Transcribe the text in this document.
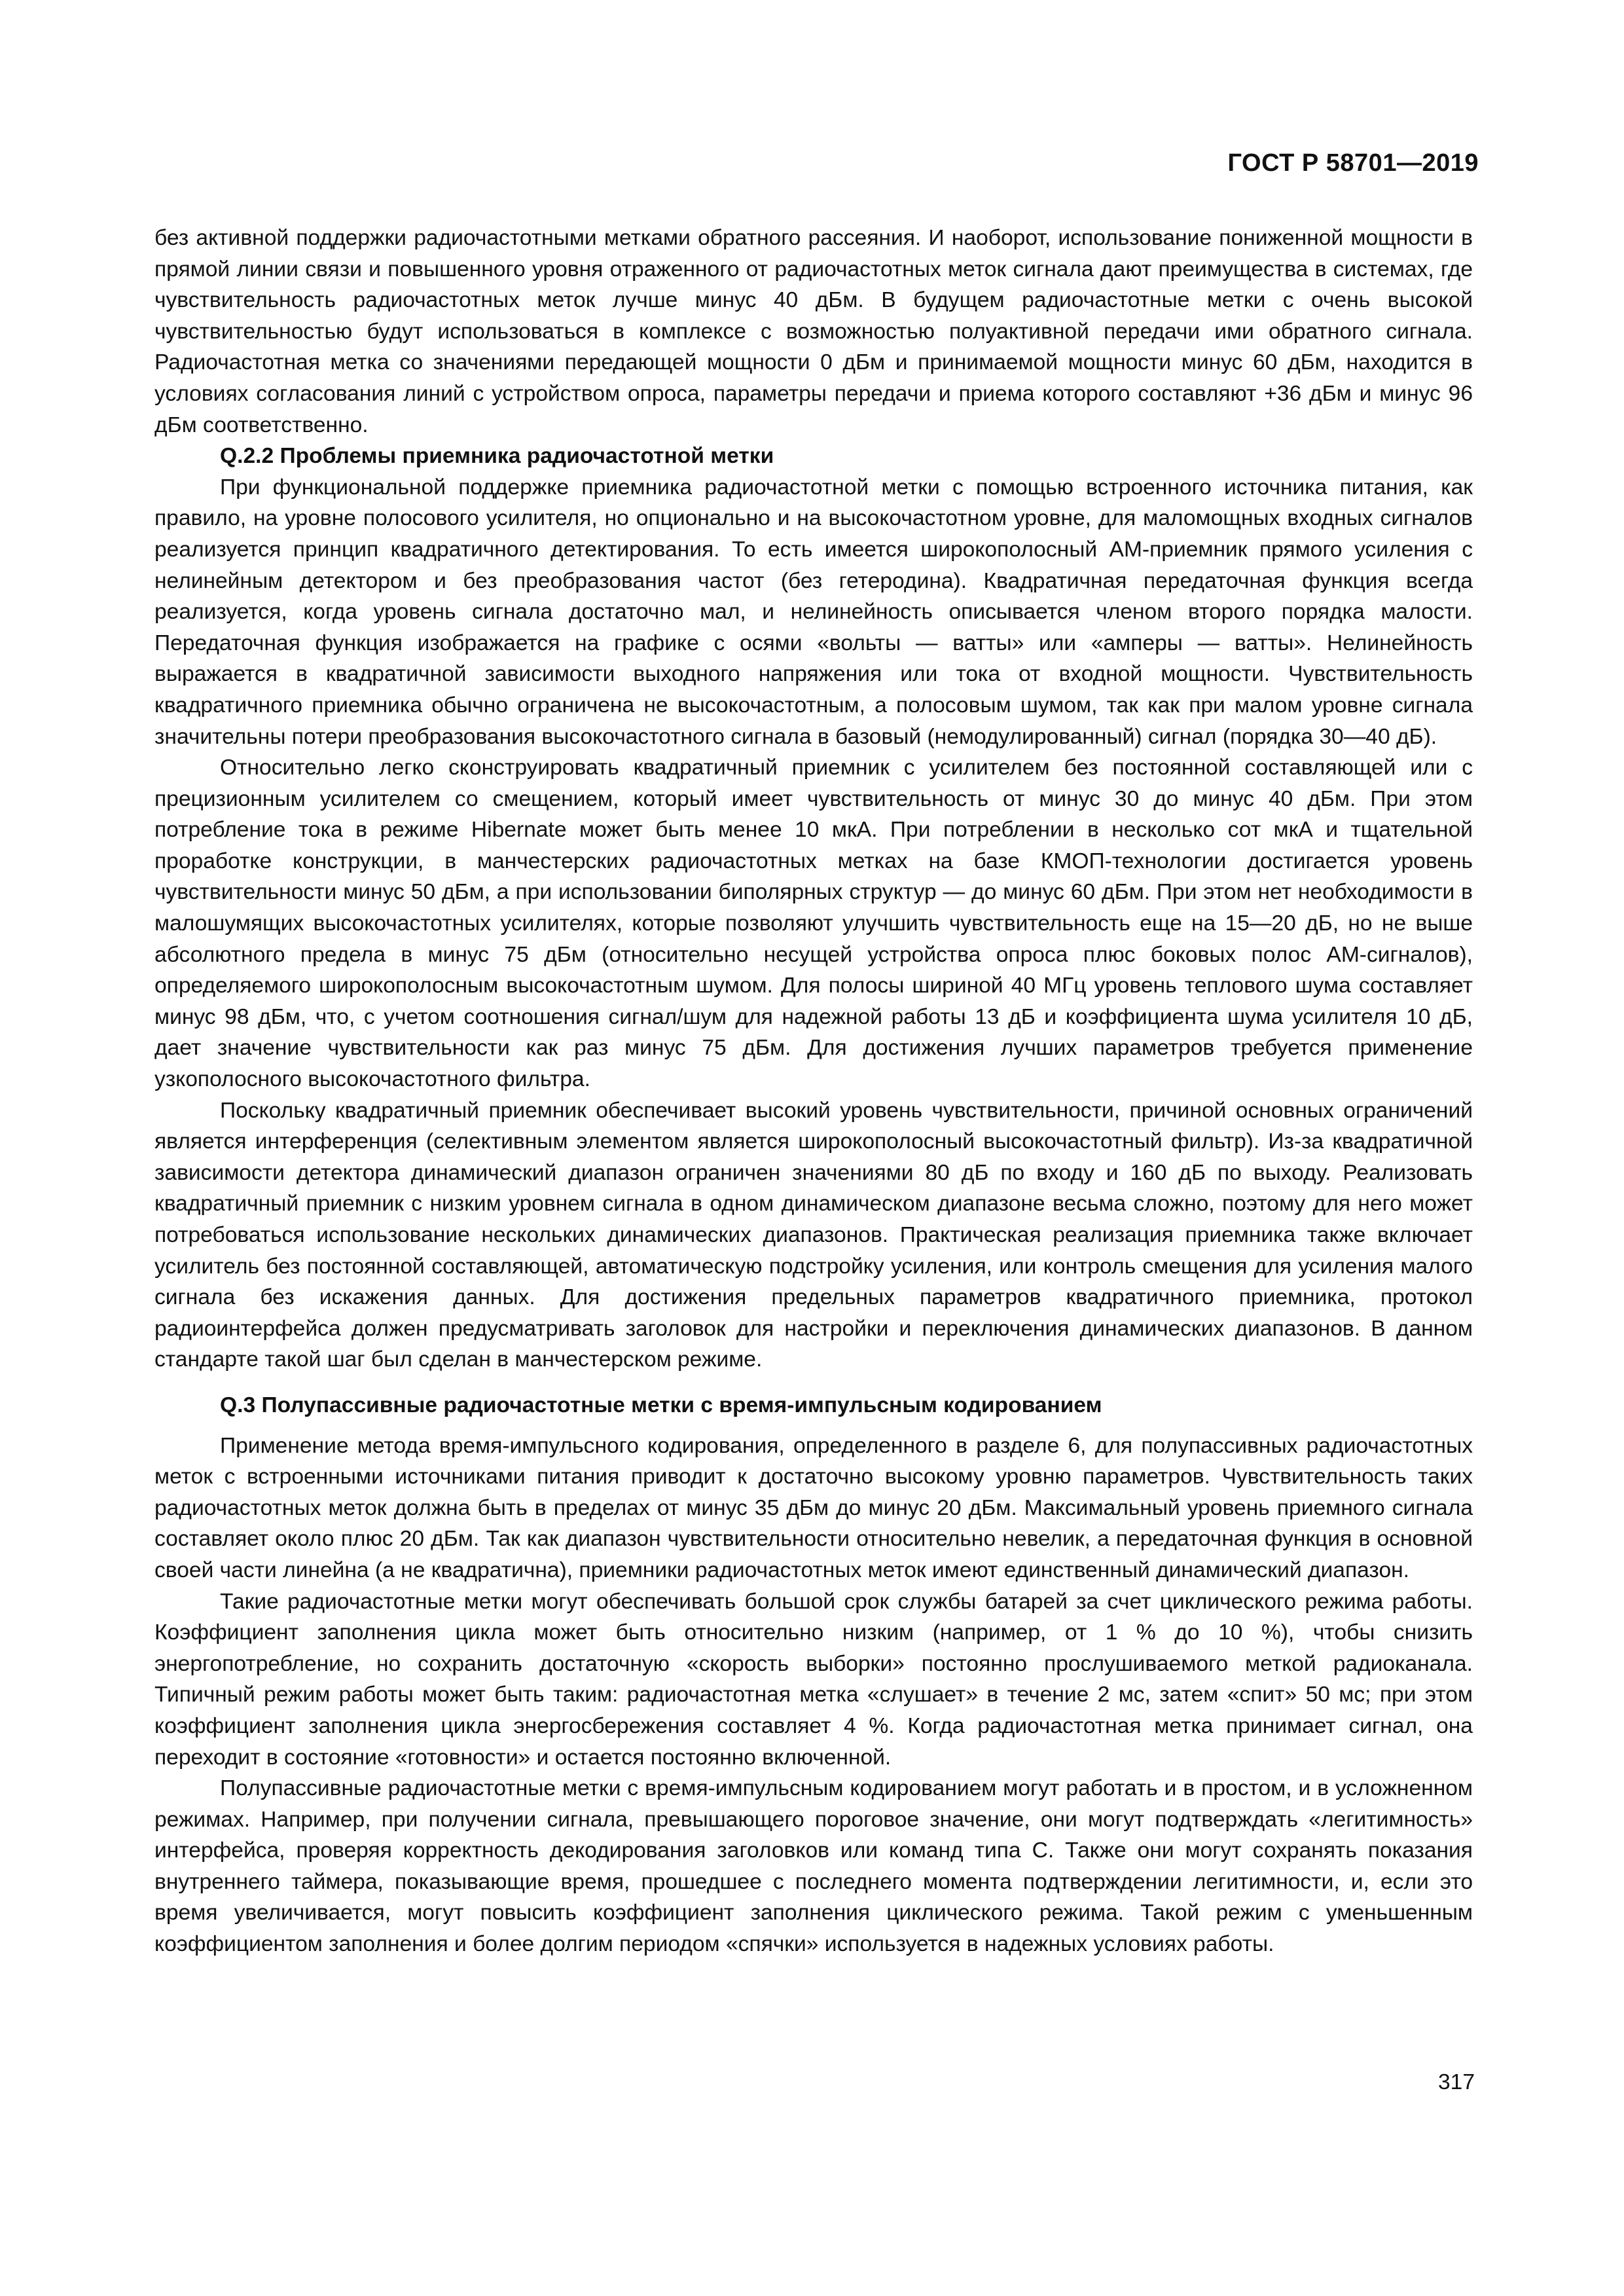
ГОСТ Р 58701—2019

без активной поддержки радиочастотными метками обратного рассеяния. И наоборот, использование пониженной мощности в прямой линии связи и повышенного уровня отраженного от радиочастотных меток сигнала дают преимущества в системах, где чувствительность радиочастотных меток лучше минус 40 дБм. В будущем радиочастотные метки с очень высокой чувствительностью будут использоваться в комплексе с возможностью полуактивной передачи ими обратного сигнала. Радиочастотная метка со значениями передающей мощности 0 дБм и принимаемой мощности минус 60 дБм, находится в условиях согласования линий с устройством опроса, параметры передачи и приема которого составляют +36 дБм и минус 96 дБм соответственно.

Q.2.2 Проблемы приемника радиочастотной метки

При функциональной поддержке приемника радиочастотной метки с помощью встроенного источника питания, как правило, на уровне полосового усилителя, но опционально и на высокочастотном уровне, для маломощных входных сигналов реализуется принцип квадратичного детектирования. То есть имеется широкополосный АМ-приемник прямого усиления с нелинейным детектором и без преобразования частот (без гетеродина). Квадратичная передаточная функция всегда реализуется, когда уровень сигнала достаточно мал, и нелинейность описывается членом второго порядка малости. Передаточная функция изображается на графике с осями «вольты — ватты» или «амперы — ватты». Нелинейность выражается в квадратичной зависимости выходного напряжения или тока от входной мощности. Чувствительность квадратичного приемника обычно ограничена не высокочастотным, а полосовым шумом, так как при малом уровне сигнала значительны потери преобразования высокочастотного сигнала в базовый (немодулированный) сигнал (порядка 30—40 дБ).

Относительно легко сконструировать квадратичный приемник с усилителем без постоянной составляющей или с прецизионным усилителем со смещением, который имеет чувствительность от минус 30 до минус 40 дБм. При этом потребление тока в режиме Hibernate может быть менее 10 мкА. При потреблении в несколько сот мкА и тщательной проработке конструкции, в манчестерских радиочастотных метках на базе КМОП-технологии достигается уровень чувствительности минус 50 дБм, а при использовании биполярных структур — до минус 60 дБм. При этом нет необходимости в малошумящих высокочастотных усилителях, которые позволяют улучшить чувствительность еще на 15—20 дБ, но не выше абсолютного предела в минус 75 дБм (относительно несущей устройства опроса плюс боковых полос АМ-сигналов), определяемого широкополосным высокочастотным шумом. Для полосы шириной 40 МГц уровень теплового шума составляет минус 98 дБм, что, с учетом соотношения сигнал/шум для надежной работы 13 дБ и коэффициента шума усилителя 10 дБ, дает значение чувствительности как раз минус 75 дБм. Для достижения лучших параметров требуется применение узкополосного высокочастотного фильтра.

Поскольку квадратичный приемник обеспечивает высокий уровень чувствительности, причиной основных ограничений является интерференция (селективным элементом является широкополосный высокочастотный фильтр). Из-за квадратичной зависимости детектора динамический диапазон ограничен значениями 80 дБ по входу и 160 дБ по выходу. Реализовать квадратичный приемник с низким уровнем сигнала в одном динамическом диапазоне весьма сложно, поэтому для него может потребоваться использование нескольких динамических диапазонов. Практическая реализация приемника также включает усилитель без постоянной составляющей, автоматическую подстройку усиления, или контроль смещения для усиления малого сигнала без искажения данных. Для достижения предельных параметров квадратичного приемника, протокол радиоинтерфейса должен предусматривать заголовок для настройки и переключения динамических диапазонов. В данном стандарте такой шаг был сделан в манчестерском режиме.

Q.3 Полупассивные радиочастотные метки с время-импульсным кодированием

Применение метода время-импульсного кодирования, определенного в разделе 6, для полупассивных радиочастотных меток с встроенными источниками питания приводит к достаточно высокому уровню параметров. Чувствительность таких радиочастотных меток должна быть в пределах от минус 35 дБм до минус 20 дБм. Максимальный уровень приемного сигнала составляет около плюс 20 дБм. Так как диапазон чувствительности относительно невелик, а передаточная функция в основной своей части линейна (а не квадратична), приемники радиочастотных меток имеют единственный динамический диапазон.

Такие радиочастотные метки могут обеспечивать большой срок службы батарей за счет циклического режима работы. Коэффициент заполнения цикла может быть относительно низким (например, от 1 % до 10 %), чтобы снизить энергопотребление, но сохранить достаточную «скорость выборки» постоянно прослушиваемого меткой радиоканала. Типичный режим работы может быть таким: радиочастотная метка «слушает» в течение 2 мс, затем «спит» 50 мс; при этом коэффициент заполнения цикла энергосбережения составляет 4 %. Когда радиочастотная метка принимает сигнал, она переходит в состояние «готовности» и остается постоянно включенной.

Полупассивные радиочастотные метки с время-импульсным кодированием могут работать и в простом, и в усложненном режимах. Например, при получении сигнала, превышающего пороговое значение, они могут подтверждать «легитимность» интерфейса, проверяя корректность декодирования заголовков или команд типа С. Также они могут сохранять показания внутреннего таймера, показывающие время, прошедшее с последнего момента подтверждении легитимности, и, если это время увеличивается, могут повысить коэффициент заполнения циклического режима. Такой режим с уменьшенным коэффициентом заполнения и более долгим периодом «спячки» используется в надежных условиях работы.

317
